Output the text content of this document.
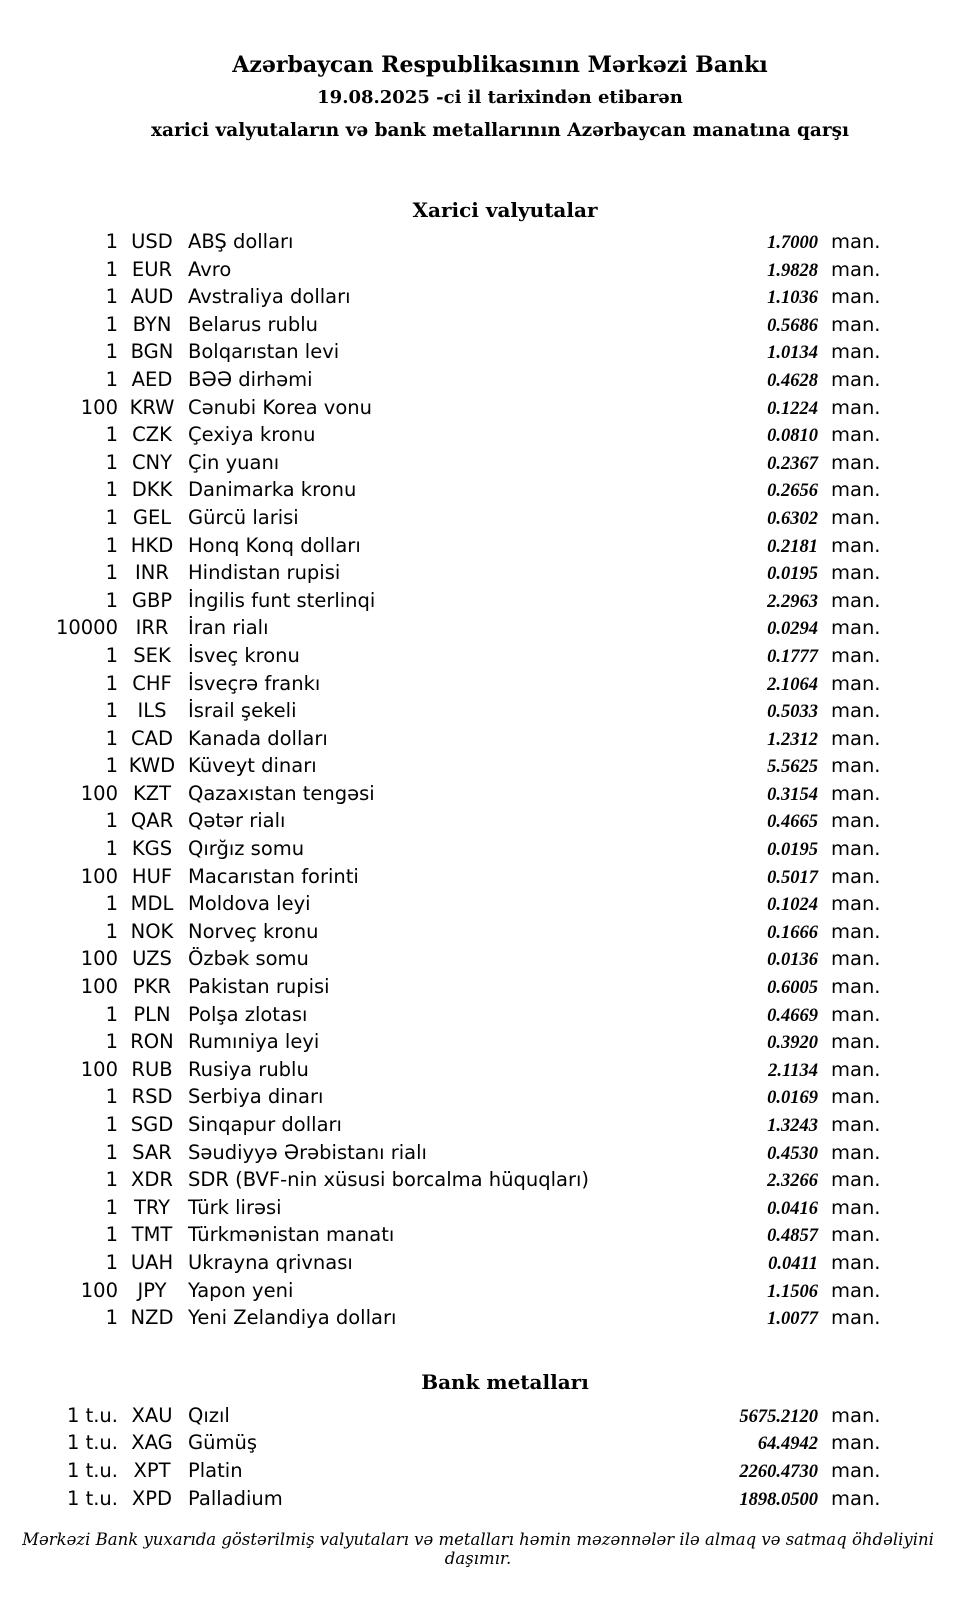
Azərbaycan Respublikasının Mərkəzi Bankı
19.08.2025 -ci il tarixindən etibarən
xarici valyutaların və bank metallarının Azərbaycan manatına qarşı
Xarici valyutalar
1 USD ABŞ dolları	1.7000 man.
1 EUR Avro	1.9828 man.
1 AUD Avstraliya dolları	1.1036 man.
1 BYN Belarus rublu	0.5686 man.
1 BGN Bolqarıstan levi	1.0134 man.
1 AED BƏƏ dirhəmi	0.4628 man.
100 KRW Cənubi Korea vonu	0.1224 man.
1 CZK Çexiya kronu	0.0810 man.
1 CNY Çin yuanı	0.2367 man.
1 DKK Danimarka kronu	0.2656 man.
1 GEL Gürcü larisi	0.6302 man.
1 HKD Honq Konq dolları	0.2181 man.
1 INR Hindistan rupisi	0.0195 man.
1 GBP İngilis funt sterlinqi	2.2963 man.
10000 IRR	İran rialı	0.0294 man.
1 SEK İsveç kronu	0.1777 man.
1 CHF İsveçrə frankı	2.1064 man.
1	ILS	İsrail şekeli	0.5033 man.
1 CAD Kanada dolları	1.2312 man.
1 KWD Küveyt dinarı	5.5625 man.
100 KZT Qazaxıstan tengəsi	0.3154 man.
1 QAR Qətər rialı	0.4665 man.
1 KGS Qırğız somu	0.0195 man.
100 HUF Macarıstan forinti	0.5017 man.
1 MDL Moldova leyi	0.1024 man.
1 NOK Norveç kronu	0.1666 man.
100 UZS Özbək somu	0.0136 man.
100 PKR Pakistan rupisi	0.6005 man.
1 PLN Polşa zlotası	0.4669 man.
1 RON Rumıniya leyi	0.3920 man.
100 RUB Rusiya rublu	2.1134 man.
1 RSD Serbiya dinarı	0.0169 man.
1 SGD Sinqapur dolları	1.3243 man.
1 SAR Səudiyyə Ərəbistanı rialı	0.4530 man.
1 XDR SDR (BVF-nin xüsusi borcalma hüquqları)	2.3266 man.
1 TRY Türk lirəsi	0.0416 man.
1 TMT Türkmənistan manatı	0.4857 man.
1 UAH Ukrayna qrivnası	0.0411 man.
100	JPY	Yapon yeni	1.1506 man.
1 NZD Yeni Zelandiya dolları	1.0077 man.
Bank metalları
1 t.u. XAU Qızıl	5675.2120 man.
1 t.u. XAG Gümüş	64.4942 man.
1 t.u. XPT Platin	2260.4730 man.
1 t.u. XPD Palladium	1898.0500 man.
Mərkəzi Bank yuxarıda göstərilmiş valyutaları və metalları həmin məzənnələr ilə almaq və satmaq öhdəliyini daşımır.
